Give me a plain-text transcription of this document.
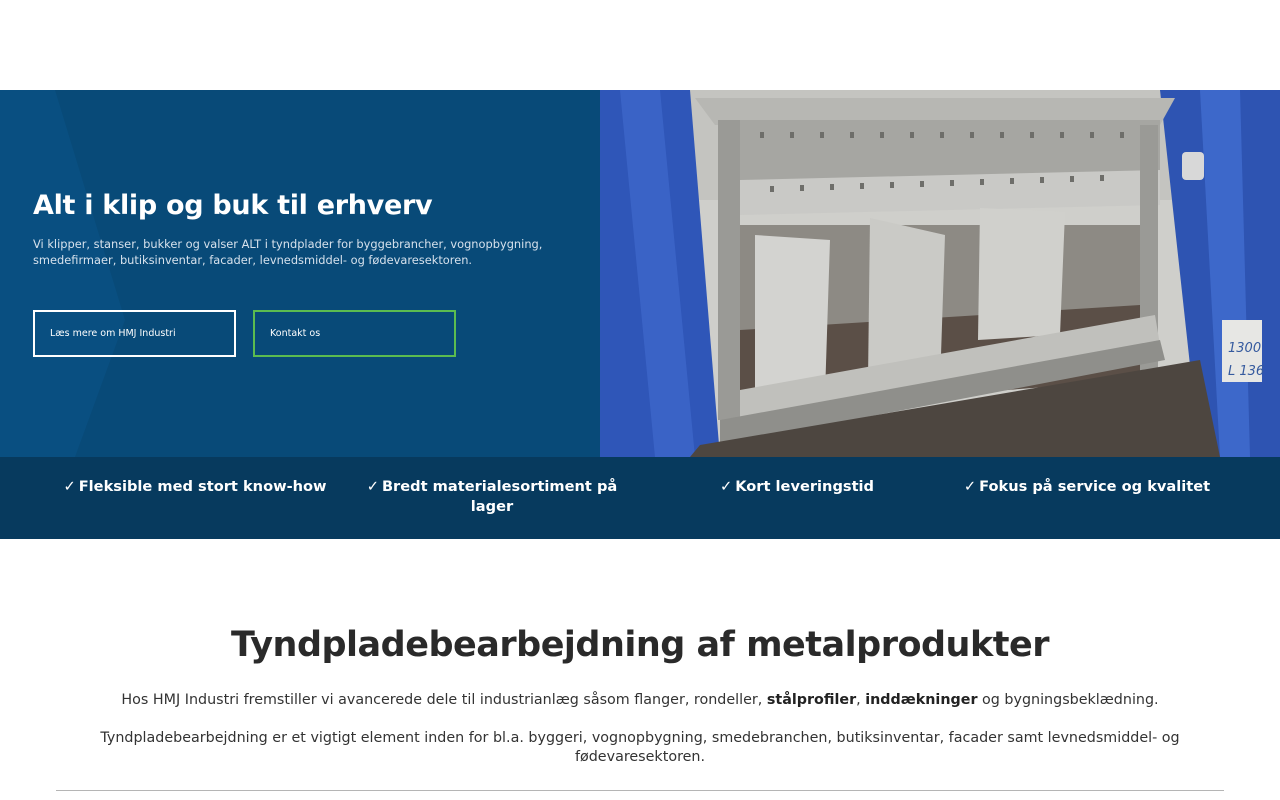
Alt i klip og buk til erhverv

Vi klipper, stanser, bukker og valser ALT i tyndplader for byggebrancher, vognopbygning, smedefirmaer, butiksinventar, facader, levnedsmiddel- og fødevaresektoren.

Læs mere om HMJ Industri	Kontakt os
1300
L 136
✓ Fleksible med stort know-how	✓ Bredt materialesortiment på lager
✓ Kort leveringstid	✓ Fokus på service og kvalitet
Tyndpladebearbejdning af metalprodukter

Hos HMJ Industri fremstiller vi avancerede dele til industrianlæg såsom flanger, rondeller, stålprofiler, inddækninger og bygningsbeklædning.

Tyndpladebearbejdning er et vigtigt element inden for bl.a. byggeri, vognopbygning, smedebranchen, butiksinventar, facader samt levnedsmiddel- og fødevaresektoren.
